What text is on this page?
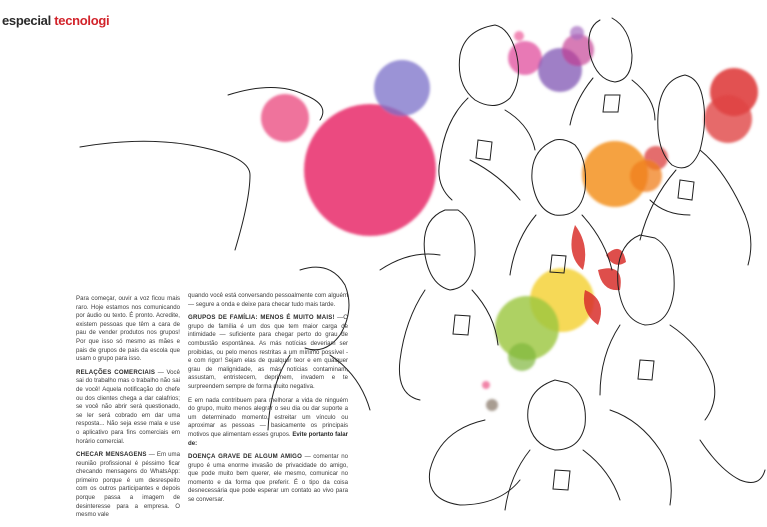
especial tecnologi

Para começar, ouvir a voz ficou mais raro. Hoje estamos nos comunicando por áudio ou texto. É pronto. Acredite, existem pessoas que têm a cara de pau de vender produtos nos grupos! Por que isso só mesmo as mães e pais de grupos de pais da escola que usam o grupo para isso.

RELAÇÕES COMERCIAIS — Você sai do trabalho mas o trabalho não sai de você! Aquela notificação do chefe ou dos clientes chega a dar calafrios; se você não abrir será questionado, se ler será cobrado em dar uma resposta... Não seja esse mala e use o aplicativo para fins comerciais em horário comercial.

CHECAR MENSAGENS — Em uma reunião profissional é péssimo ficar checando mensagens do WhatsApp: primeiro porque é um desrespeito com os outros participantes e depois porque passa a imagem de desinteresse para a empresa. O mesmo vale

quando você está conversando pessoalmente com alguém — segure a onda e deixe para checar tudo mais tarde.

GRUPOS DE FAMÍLIA: MENOS É MUITO MAIS! —O grupo de família é um dos que tem maior carga de intimidade — suficiente para chegar perto do grau de combustão espontânea. As más notícias deveriam ser proibidas, ou pelo menos restritas a um mínimo possível - e com rigor! Sejam elas de qualquer teor e em qualquer grau de malignidade, as más notícias contaminam, assustam, entristecem, deprimem, invadem e te surpreendem sempre de forma muito negativa.

E em nada contribuem para melhorar a vida de ninguém do grupo, muito menos alegrar o seu dia ou dar suporte a um determinado momento, estreitar um vínculo ou aproximar as pessoas — basicamente os principais motivos que alimentam esses grupos. Evite portanto falar de:

DOENÇA GRAVE DE ALGUM AMIGO — comentar no grupo é uma enorme invasão de privacidade do amigo, que pode muito bem querer, ele mesmo, comunicar no momento e da forma que preferir. É o tipo da coisa desnecessária que pode esperar um contato ao vivo para se conversar.
